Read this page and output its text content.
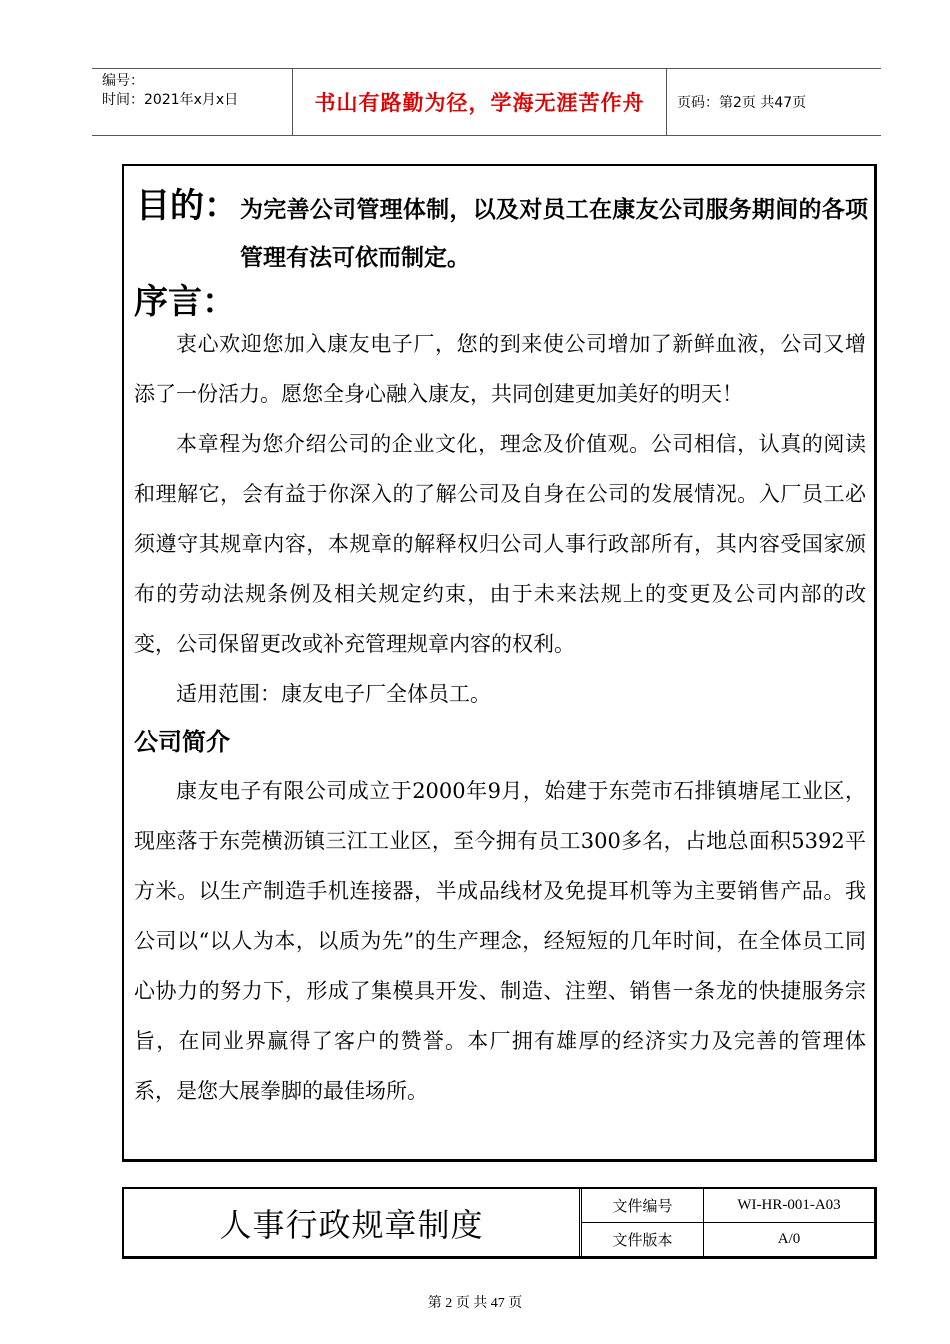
编号：
时间：2021年x月x日	书山有路勤为径，学海无涯苦作舟	页码：第2页 共47页
目的： 为完善公司管理体制，以及对员工在康友公司服务期间的各项管理有法可依而制定。
序言：
衷心欢迎您加入康友电子厂，您的到来使公司增加了新鲜血液，公司又增添了一份活力。愿您全身心融入康友，共同创建更加美好的明天！
本章程为您介绍公司的企业文化，理念及价值观。公司相信，认真的阅读和理解它，会有益于你深入的了解公司及自身在公司的发展情况。入厂员工必须遵守其规章内容，本规章的解释权归公司人事行政部所有，其内容受国家颁布的劳动法规条例及相关规定约束，由于未来法规上的变更及公司内部的改变，公司保留更改或补充管理规章内容的权利。
适用范围：康友电子厂全体员工。
公司简介
康友电子有限公司成立于2000年9月，始建于东莞市石排镇塘尾工业区，现座落于东莞横沥镇三江工业区，至今拥有员工300多名，占地总面积5392平方米。以生产制造手机连接器，半成品线材及免提耳机等为主要销售产品。我公司以“以人为本，以质为先”的生产理念，经短短的几年时间，在全体员工同心协力的努力下，形成了集模具开发、制造、注塑、销售一条龙的快捷服务宗旨，在同业界赢得了客户的赞誉。本厂拥有雄厚的经济实力及完善的管理体系，是您大展拳脚的最佳场所。
人事行政规章制度	文件编号	WI-HR-001-A03
文件版本	A/0
第 2 页 共 47 页
